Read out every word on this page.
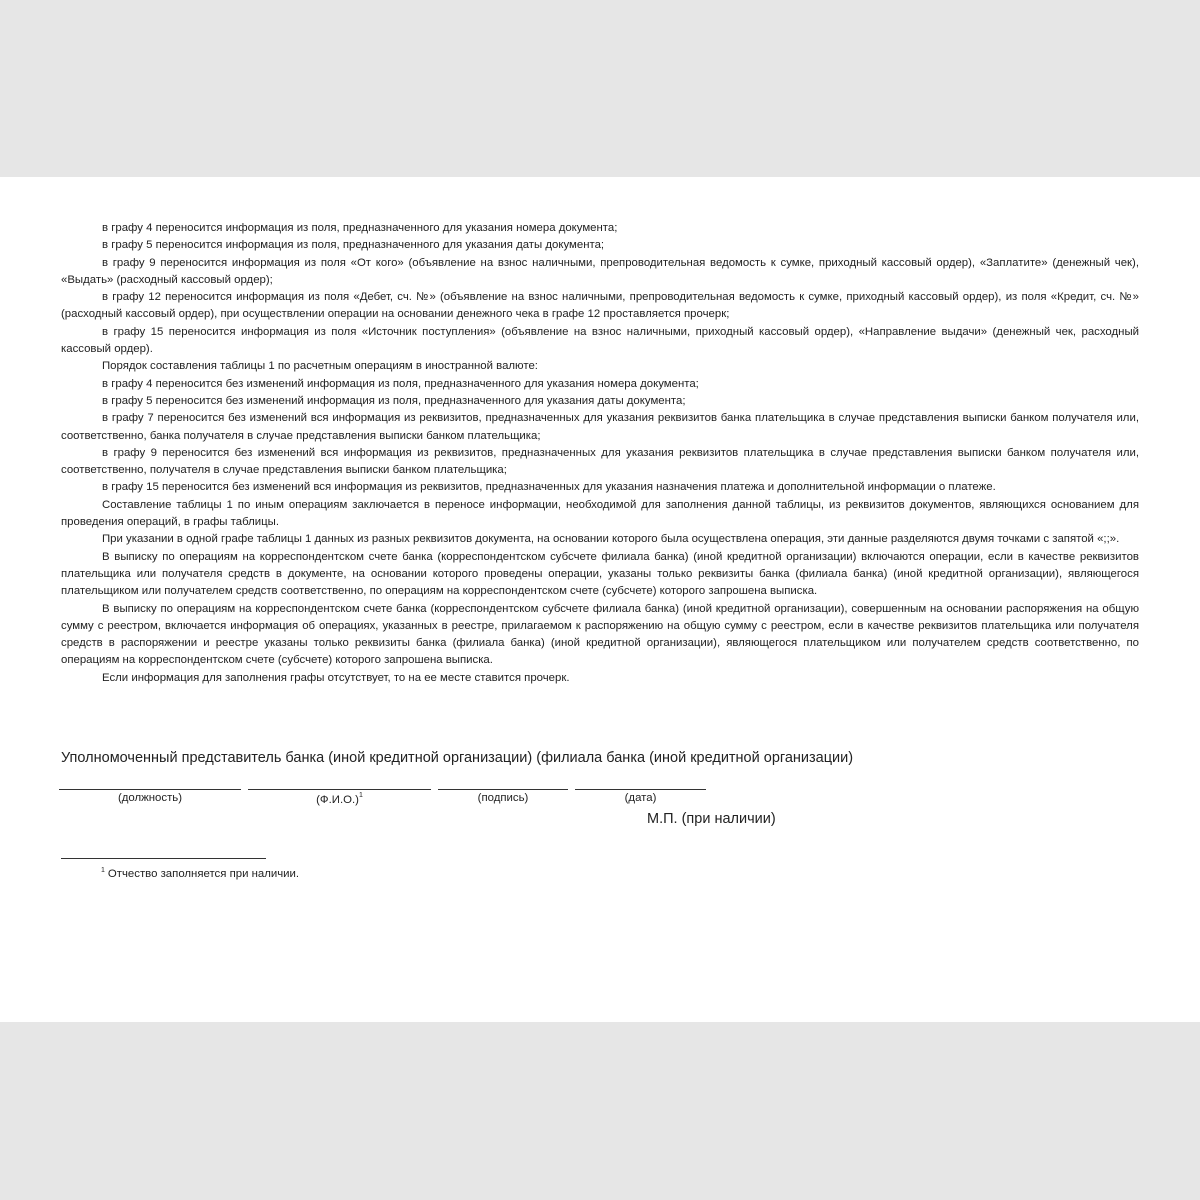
в графу 4 переносится информация из поля, предназначенного для указания номера документа;

в графу 5 переносится информация из поля, предназначенного для указания даты документа;

в графу 9 переносится информация из поля «От кого» (объявление на взнос наличными, препроводительная ведомость к сумке, приходный кассовый ордер), «Заплатите» (денежный чек), «Выдать» (расходный кассовый ордер);

в графу 12 переносится информация из поля «Дебет, сч. №» (объявление на взнос наличными, препроводительная ведомость к сумке, приходный кассовый ордер), из поля «Кредит, сч. №» (расходный кассовый ордер), при осуществлении операции на основании денежного чека в графе 12 проставляется прочерк;

в графу 15 переносится информация из поля «Источник поступления» (объявление на взнос наличными, приходный кассовый ордер), «Направление выдачи» (денежный чек, расходный кассовый ордер).

Порядок составления таблицы 1 по расчетным операциям в иностранной валюте:

в графу 4 переносится без изменений информация из поля, предназначенного для указания номера документа;

в графу 5 переносится без изменений информация из поля, предназначенного для указания даты документа;

в графу 7 переносится без изменений вся информация из реквизитов, предназначенных для указания реквизитов банка плательщика в случае представления выписки банком получателя или, соответственно, банка получателя в случае представления выписки банком плательщика;

в графу 9 переносится без изменений вся информация из реквизитов, предназначенных для указания реквизитов плательщика в случае представления выписки банком получателя или, соответственно, получателя в случае представления выписки банком плательщика;

в графу 15 переносится без изменений вся информация из реквизитов, предназначенных для указания назначения платежа и дополнительной информации о платеже.

Составление таблицы 1 по иным операциям заключается в переносе информации, необходимой для заполнения данной таблицы, из реквизитов документов, являющихся основанием для проведения операций, в графы таблицы.

При указании в одной графе таблицы 1 данных из разных реквизитов документа, на основании которого была осуществлена операция, эти данные разделяются двумя точками с запятой «;;».

В выписку по операциям на корреспондентском счете банка (корреспондентском субсчете филиала банка) (иной кредитной организации) включаются операции, если в качестве реквизитов плательщика или получателя средств в документе, на основании которого проведены операции, указаны только реквизиты банка (филиала банка) (иной кредитной организации), являющегося плательщиком или получателем средств соответственно, по операциям на корреспондентском счете (субсчете) которого запрошена выписка.

В выписку по операциям на корреспондентском счете банка (корреспондентском субсчете филиала банка) (иной кредитной организации), совершенным на основании распоряжения на общую сумму с реестром, включается информация об операциях, указанных в реестре, прилагаемом к распоряжению на общую сумму с реестром, если в качестве реквизитов плательщика или получателя средств в распоряжении и реестре указаны только реквизиты банка (филиала банка) (иной кредитной организации), являющегося плательщиком или получателем средств соответственно, по операциям на корреспондентском счете (субсчете) которого запрошена выписка.

Если информация для заполнения графы отсутствует, то на ее месте ставится прочерк.

Уполномоченный представитель банка (иной кредитной организации) (филиала банка (иной кредитной организации)
(должность)	$(Ф.И.О.)^1$	(подпись)	(дата)
М.П. (при наличии)
$^1$ Отчество заполняется при наличии.
